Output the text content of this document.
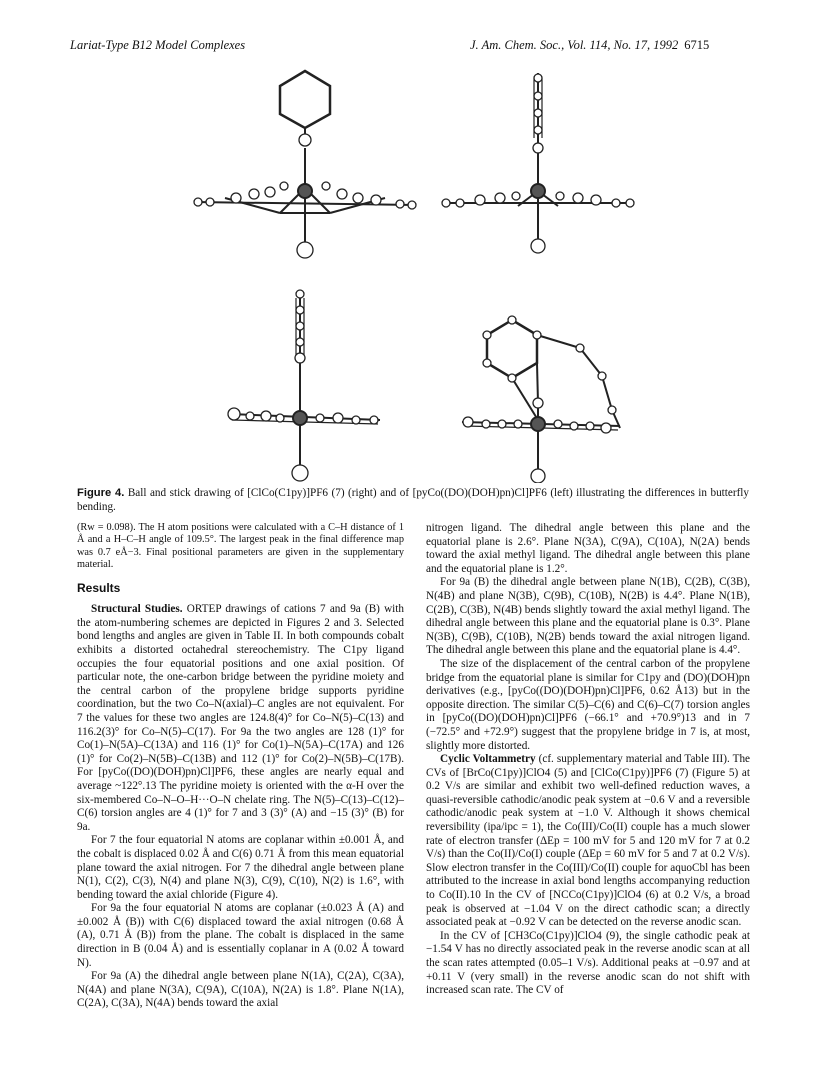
Lariat-Type B12 Model Complexes	J. Am. Chem. Soc., Vol. 114, No. 17, 1992 6715
Figure 4. Ball and stick drawing of [ClCo(C1py)]PF6 (7) (right) and of [pyCo((DO)(DOH)pn)Cl]PF6 (left) illustrating the differences in butterfly bending.

(Rw = 0.098). The H atom positions were calculated with a C–H distance of 1 Å and a H–C–H angle of 109.5°. The largest peak in the final difference map was 0.7 eÅ−3. Final positional parameters are given in the supplementary material.

Results

Structural Studies. ORTEP drawings of cations 7 and 9a (B) with the atom-numbering schemes are depicted in Figures 2 and 3. Selected bond lengths and angles are given in Table II. In both compounds cobalt exhibits a distorted octahedral stereochemistry. The C1py ligand occupies the four equatorial positions and one axial position. Of particular note, the one-carbon bridge between the pyridine moiety and the central carbon of the propylene bridge supports pyridine coordination, but the two Co–N(axial)–C angles are not equivalent. For 7 the values for these two angles are 124.8(4)° for Co–N(5)–C(13) and 116.2(3)° for Co–N(5)–C(17). For 9a the two angles are 128 (1)° for Co(1)–N(5A)–C(13A) and 116 (1)° for Co(1)–N(5A)–C(17A) and 126 (1)° for Co(2)–N(5B)–C(13B) and 112 (1)° for Co(2)–N(5B)–C(17B). For [pyCo((DO)(DOH)pn)Cl]PF6, these angles are nearly equal and average ~122°.13 The pyridine moiety is oriented with the α-H over the six-membered Co–N–O–H···O–N chelate ring. The N(5)–C(13)–C(12)–C(6) torsion angles are 4 (1)° for 7 and 3 (3)° (A) and −15 (3)° (B) for 9a.

For 7 the four equatorial N atoms are coplanar within ±0.001 Å, and the cobalt is displaced 0.02 Å and C(6) 0.71 Å from this mean equatorial plane toward the axial nitrogen. For 7 the dihedral angle between plane N(1), C(2), C(3), N(4) and plane N(3), C(9), C(10), N(2) is 1.6°, with bending toward the axial chloride (Figure 4).

For 9a the four equatorial N atoms are coplanar (±0.023 Å (A) and ±0.002 Å (B)) with C(6) displaced toward the axial nitrogen (0.68 Å (A), 0.71 Å (B)) from the plane. The cobalt is displaced in the same direction in B (0.04 Å) and is essentially coplanar in A (0.02 Å toward N).

For 9a (A) the dihedral angle between plane N(1A), C(2A), C(3A), N(4A) and plane N(3A), C(9A), C(10A), N(2A) is 1.8°. Plane N(1A), C(2A), C(3A), N(4A) bends toward the axial

nitrogen ligand. The dihedral angle between this plane and the equatorial plane is 2.6°. Plane N(3A), C(9A), C(10A), N(2A) bends toward the axial methyl ligand. The dihedral angle between this plane and the equatorial plane is 1.2°.

For 9a (B) the dihedral angle between plane N(1B), C(2B), C(3B), N(4B) and plane N(3B), C(9B), C(10B), N(2B) is 4.4°. Plane N(1B), C(2B), C(3B), N(4B) bends slightly toward the axial methyl ligand. The dihedral angle between this plane and the equatorial plane is 0.3°. Plane N(3B), C(9B), C(10B), N(2B) bends toward the axial nitrogen ligand. The dihedral angle between this plane and the equatorial plane is 4.4°.

The size of the displacement of the central carbon of the propylene bridge from the equatorial plane is similar for C1py and (DO)(DOH)pn derivatives (e.g., [pyCo((DO)(DOH)pn)Cl]PF6, 0.62 Å13) but in the opposite direction. The similar C(5)–C(6) and C(6)–C(7) torsion angles in [pyCo((DO)(DOH)pn)Cl]PF6 (−66.1° and +70.9°)13 and in 7 (−72.5° and +72.9°) suggest that the propylene bridge in 7 is, at most, slightly more distorted.

Cyclic Voltammetry (cf. supplementary material and Table III). The CVs of [BrCo(C1py)]ClO4 (5) and [ClCo(C1py)]PF6 (7) (Figure 5) at 0.2 V/s are similar and exhibit two well-defined reduction waves, a quasi-reversible cathodic/anodic peak system at −0.6 V and a reversible cathodic/anodic peak system at −1.0 V. Although it shows chemical reversibility (ipa/ipc = 1), the Co(III)/Co(II) couple has a much slower rate of electron transfer (ΔEp = 100 mV for 5 and 120 mV for 7 at 0.2 V/s) than the Co(II)/Co(I) couple (ΔEp = 60 mV for 5 and 7 at 0.2 V/s). Slow electron transfer in the Co(III)/Co(II) couple for aquoCbl has been attributed to the increase in axial bond lengths accompanying reduction to Co(II).10 In the CV of [NCCo(C1py)]ClO4 (6) at 0.2 V/s, a broad peak is observed at −1.04 V on the direct cathodic scan; a directly associated peak at −0.92 V can be detected on the reverse anodic scan.

In the CV of [CH3Co(C1py)]ClO4 (9), the single cathodic peak at −1.54 V has no directly associated peak in the reverse anodic scan at all the scan rates attempted (0.05–1 V/s). Additional peaks at −0.97 and at +0.11 V (very small) in the reverse anodic scan do not shift with increased scan rate. The CV of
